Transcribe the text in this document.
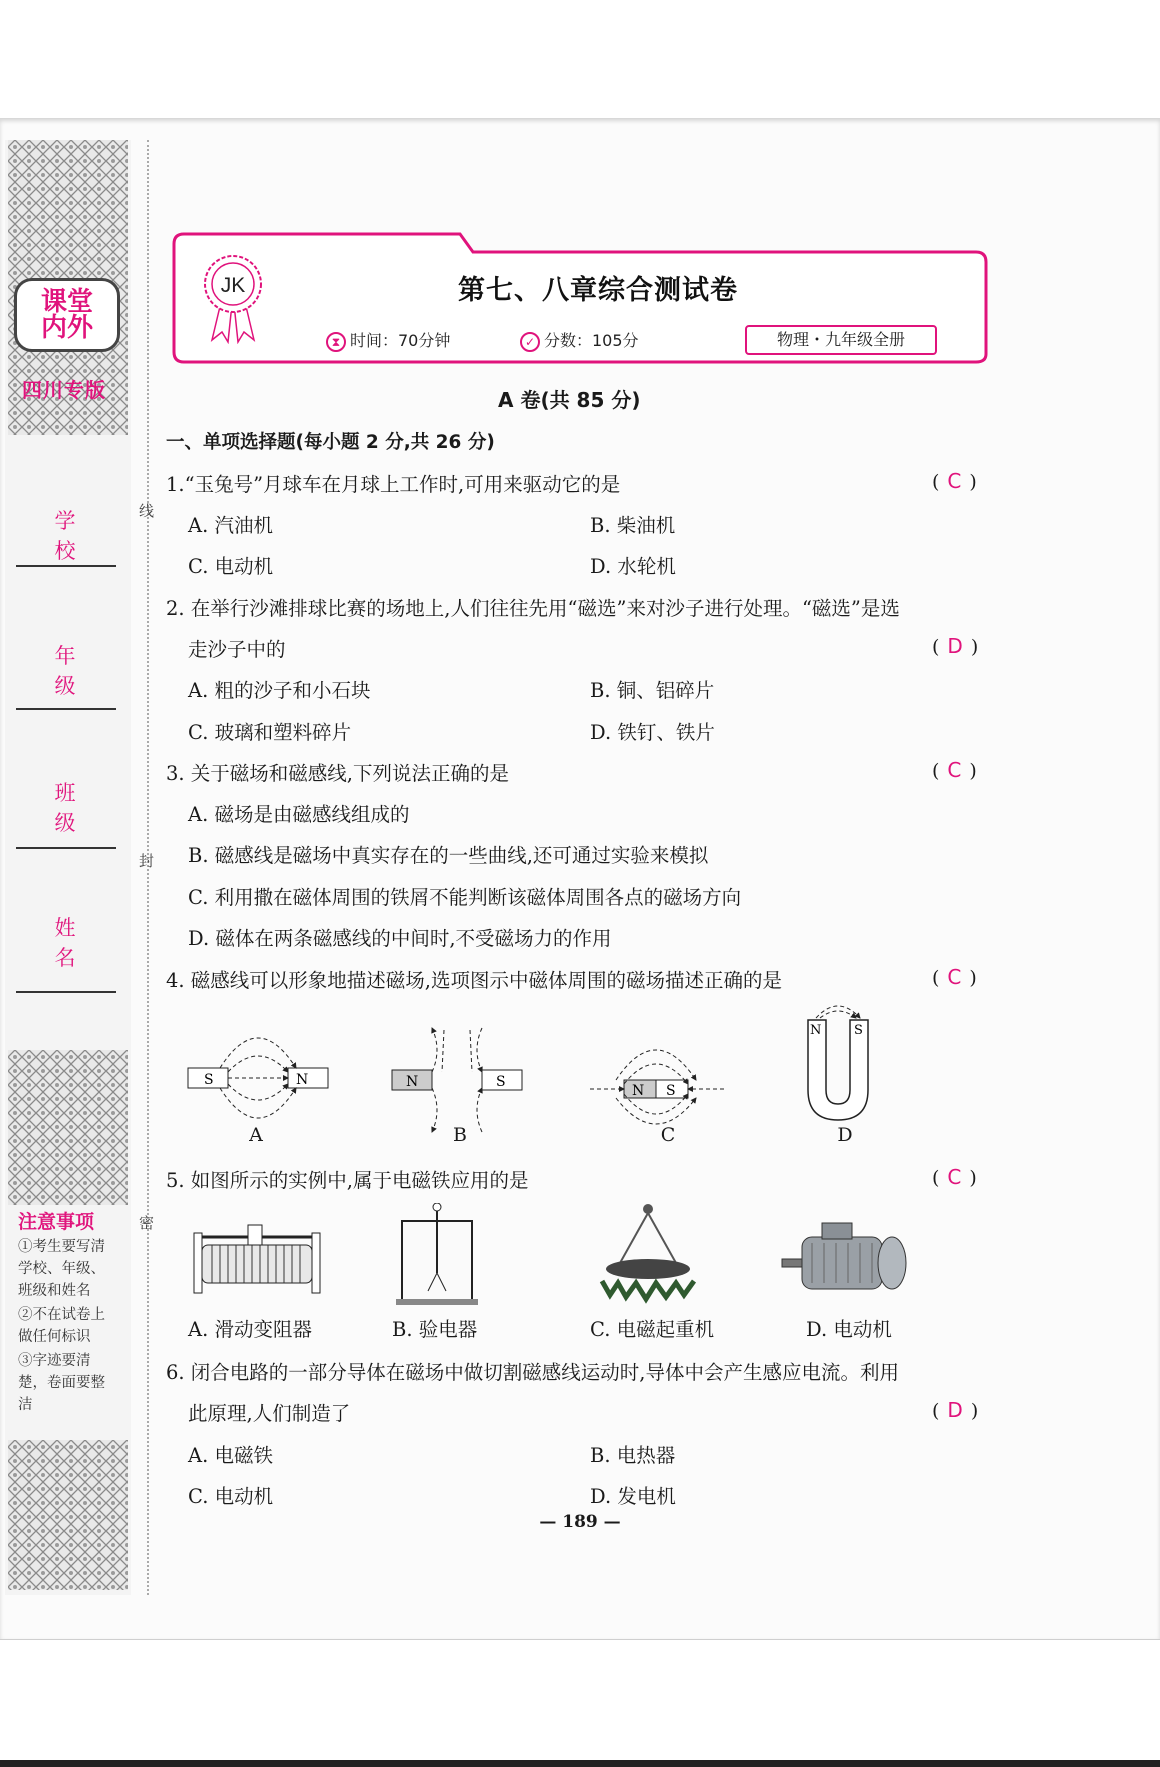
课堂
内外
四川专版
学校
年级
班级
姓名
注意事项
①考生要写清学校、年级、班级和姓名
②不在试卷上做任何标识
③字迹要清楚，卷面要整洁
线
封
密
JK	第七、八章综合测试卷
⧗ 时间：70分钟	✓ 分数：105分	物理・九年级全册
A 卷(共 85 分)
一、单项选择题(每小题 2 分,共 26 分)
1.“玉兔号”月球车在月球上工作时,可用来驱动它的是	( C )
A. 汽油机	B. 柴油机
C. 电动机	D. 水轮机
2. 在举行沙滩排球比赛的场地上,人们往往先用“磁选”来对沙子进行处理。“磁选”是选
走沙子中的	( D )
A. 粗的沙子和小石块	B. 铜、铝碎片
C. 玻璃和塑料碎片	D. 铁钉、铁片
3. 关于磁场和磁感线,下列说法正确的是	( C )
A. 磁场是由磁感线组成的
B. 磁感线是磁场中真实存在的一些曲线,还可通过实验来模拟
C. 利用撒在磁体周围的铁屑不能判断该磁体周围各点的磁场方向
D. 磁体在两条磁感线的中间时,不受磁场力的作用
4. 磁感线可以形象地描述磁场,选项图示中磁体周围的磁场描述正确的是	( C )
S	N	N	S
N S
N	S
A	B	C	D
5. 如图所示的实例中,属于电磁铁应用的是	( C )
A. 滑动变阻器	B. 验电器	C. 电磁起重机	D. 电动机
6. 闭合电路的一部分导体在磁场中做切割磁感线运动时,导体中会产生感应电流。利用
此原理,人们制造了	( D )
A. 电磁铁	B. 电热器
C. 电动机	D. 发电机
— 189 —
